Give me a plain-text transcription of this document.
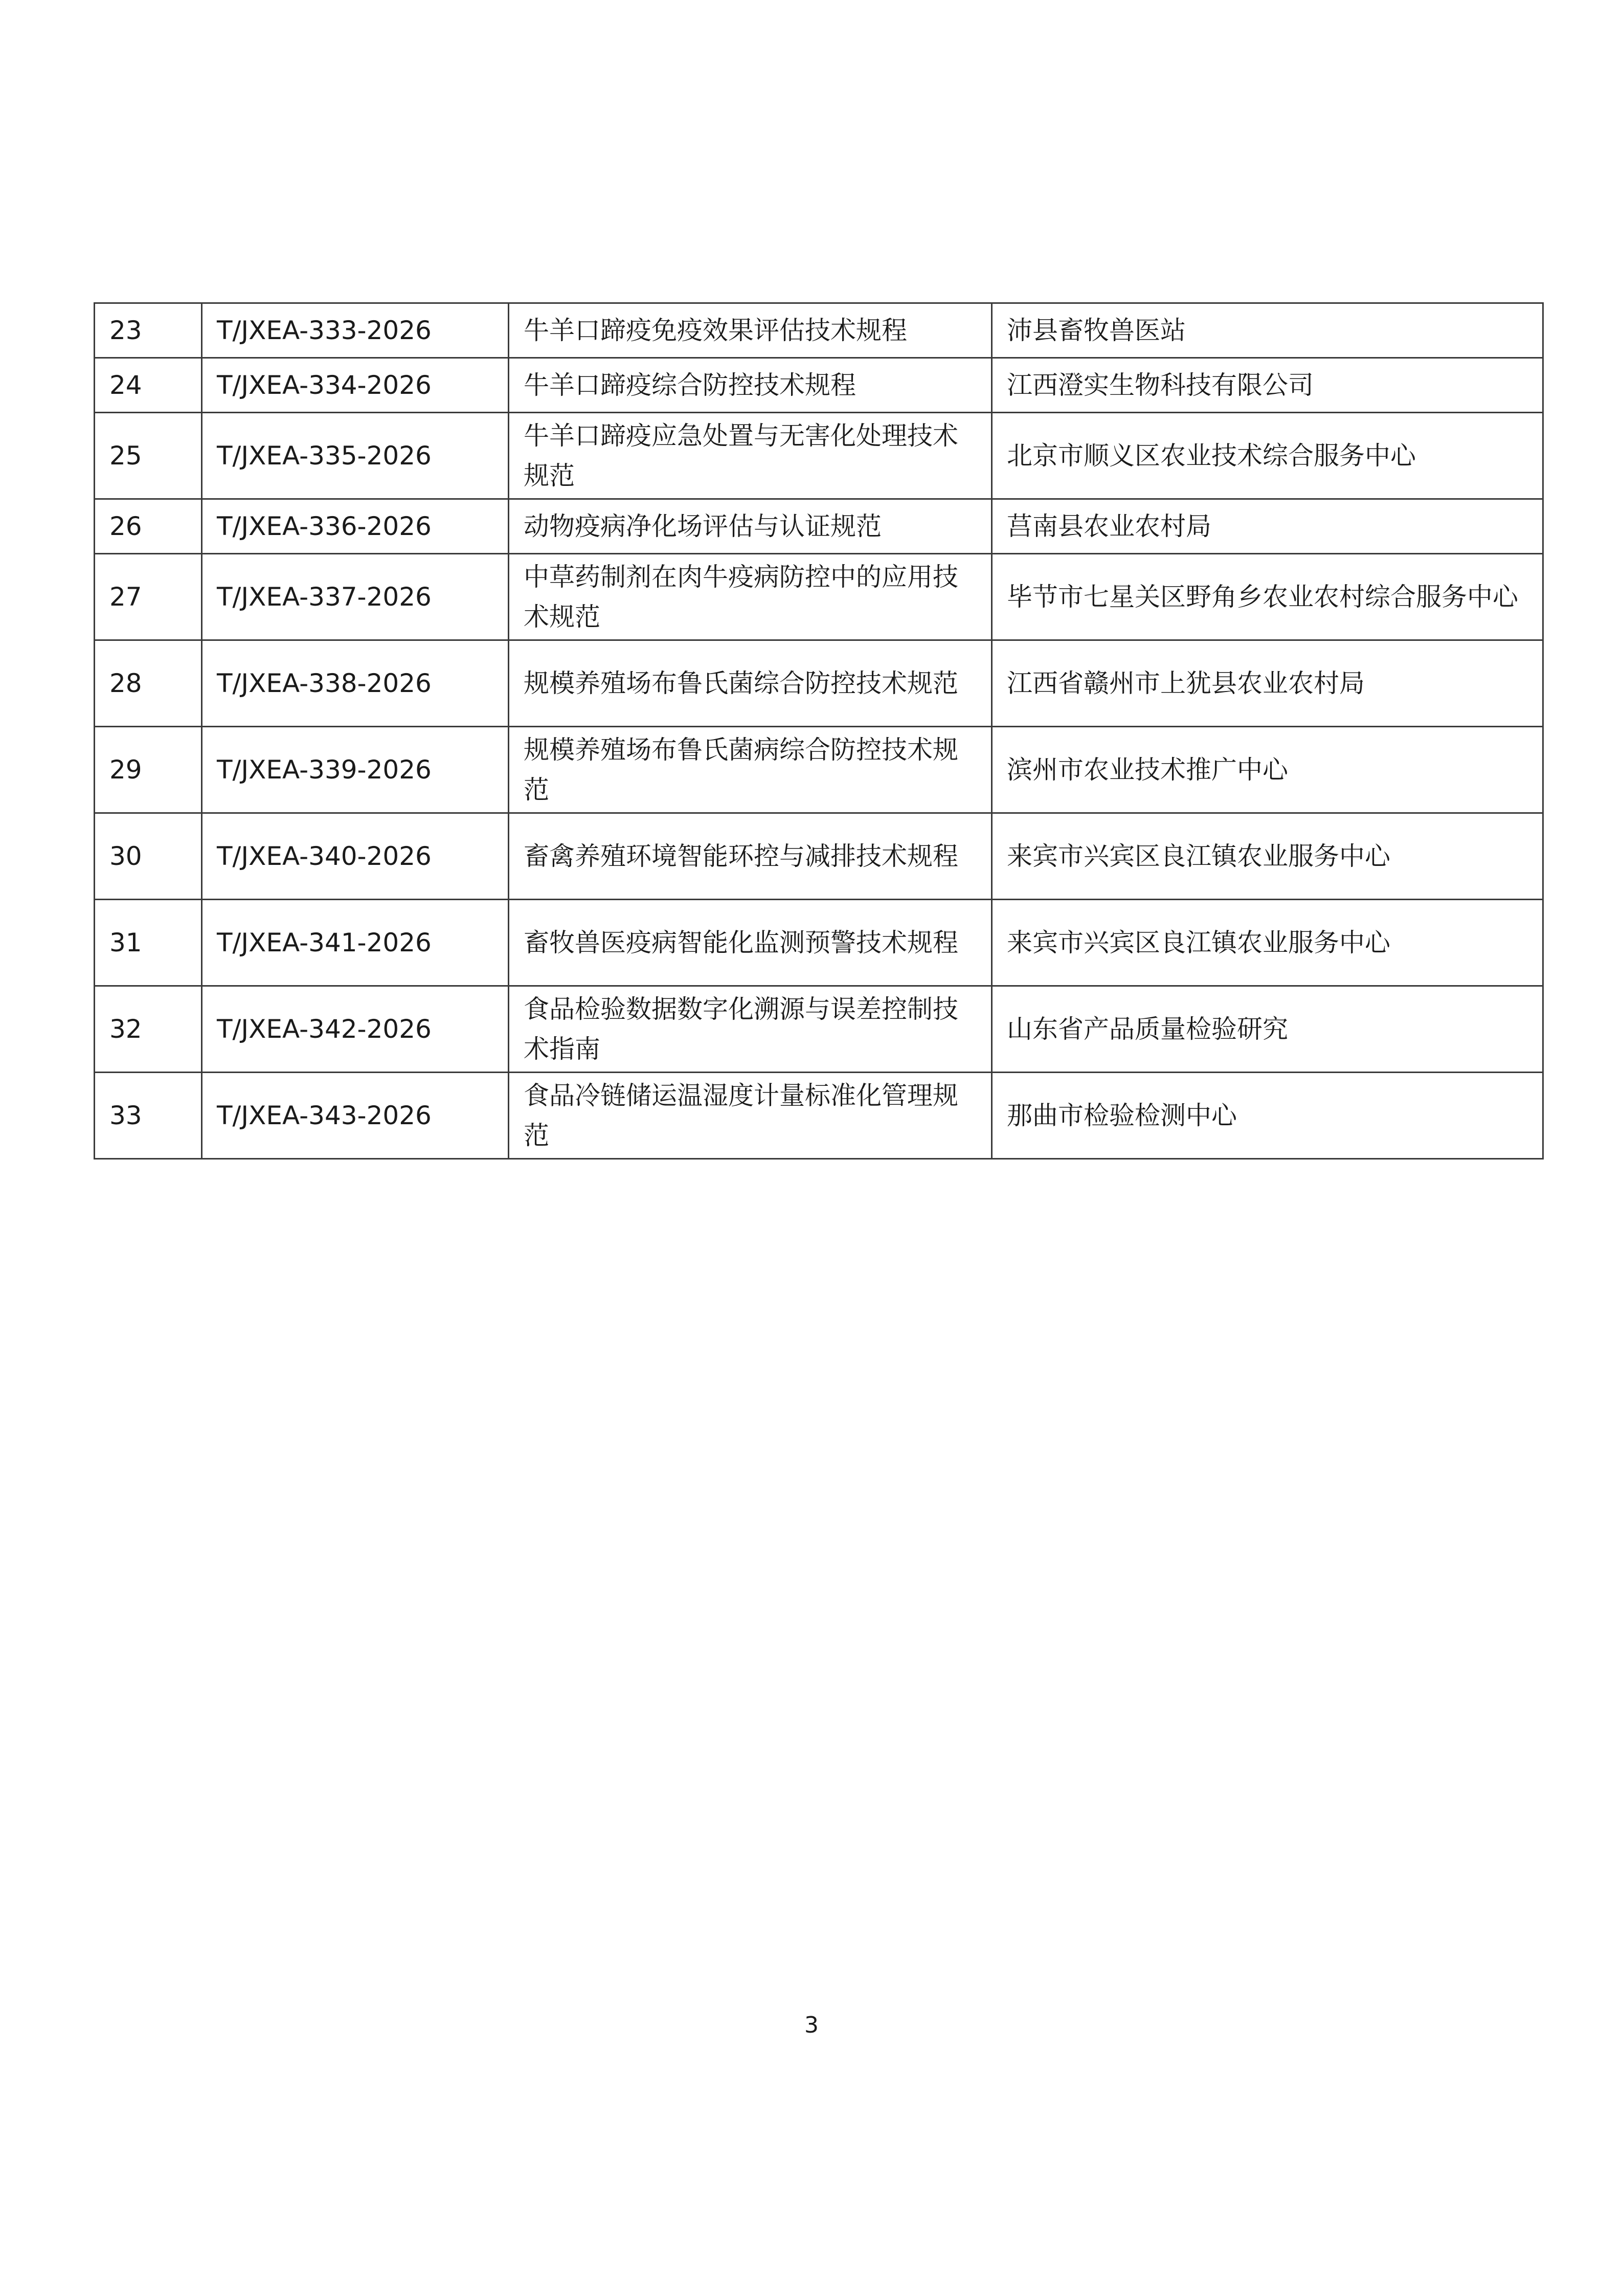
23	T/JXEA-333-2026	牛羊口蹄疫免疫效果评估技术规程	沛县畜牧兽医站
24	T/JXEA-334-2026	牛羊口蹄疫综合防控技术规程	江西澄实生物科技有限公司
25	T/JXEA-335-2026	牛羊口蹄疫应急处置与无害化处理技术规范	北京市顺义区农业技术综合服务中心
26	T/JXEA-336-2026	动物疫病净化场评估与认证规范	莒南县农业农村局
27	T/JXEA-337-2026	中草药制剂在肉牛疫病防控中的应用技术规范	毕节市七星关区野角乡农业农村综合服务中心
28	T/JXEA-338-2026	规模养殖场布鲁氏菌综合防控技术规范	江西省赣州市上犹县农业农村局
29	T/JXEA-339-2026	规模养殖场布鲁氏菌病综合防控技术规范	滨州市农业技术推广中心
30	T/JXEA-340-2026	畜禽养殖环境智能环控与减排技术规程	来宾市兴宾区良江镇农业服务中心
31	T/JXEA-341-2026	畜牧兽医疫病智能化监测预警技术规程	来宾市兴宾区良江镇农业服务中心
32	T/JXEA-342-2026	食品检验数据数字化溯源与误差控制技术指南	山东省产品质量检验研究
33	T/JXEA-343-2026	食品冷链储运温湿度计量标准化管理规范	那曲市检验检测中心
3
